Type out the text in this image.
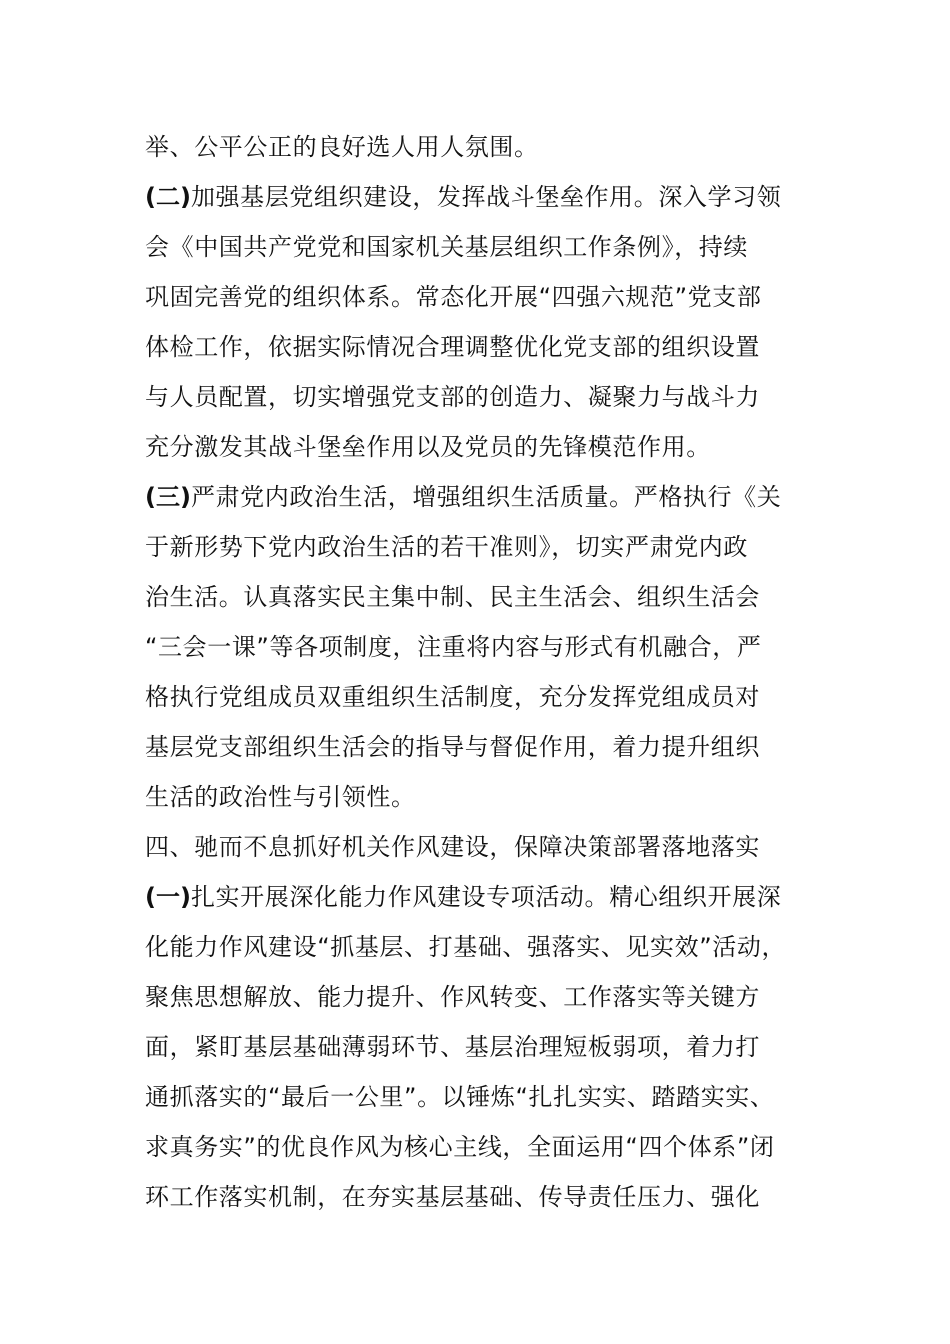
举、公平公正的良好选人用人氛围。

(二)加强基层党组织建设，发挥战斗堡垒作用。深入学习领

会《中国共产党党和国家机关基层组织工作条例》，持续

巩固完善党的组织体系。常态化开展“四强六规范”党支部

体检工作，依据实际情况合理调整优化党支部的组织设置

与人员配置，切实增强党支部的创造力、凝聚力与战斗力

充分激发其战斗堡垒作用以及党员的先锋模范作用。

(三)严肃党内政治生活，增强组织生活质量。严格执行《关

于新形势下党内政治生活的若干准则》，切实严肃党内政

治生活。认真落实民主集中制、民主生活会、组织生活会

“三会一课”等各项制度，注重将内容与形式有机融合，严

格执行党组成员双重组织生活制度，充分发挥党组成员对

基层党支部组织生活会的指导与督促作用，着力提升组织

生活的政治性与引领性。

四、驰而不息抓好机关作风建设，保障决策部署落地落实

(一)扎实开展深化能力作风建设专项活动。精心组织开展深

化能力作风建设“抓基层、打基础、强落实、见实效”活动，

聚焦思想解放、能力提升、作风转变、工作落实等关键方

面，紧盯基层基础薄弱环节、基层治理短板弱项，着力打

通抓落实的“最后一公里”。以锤炼“扎扎实实、踏踏实实、

求真务实”的优良作风为核心主线，全面运用“四个体系”闭

环工作落实机制，在夯实基层基础、传导责任压力、强化
